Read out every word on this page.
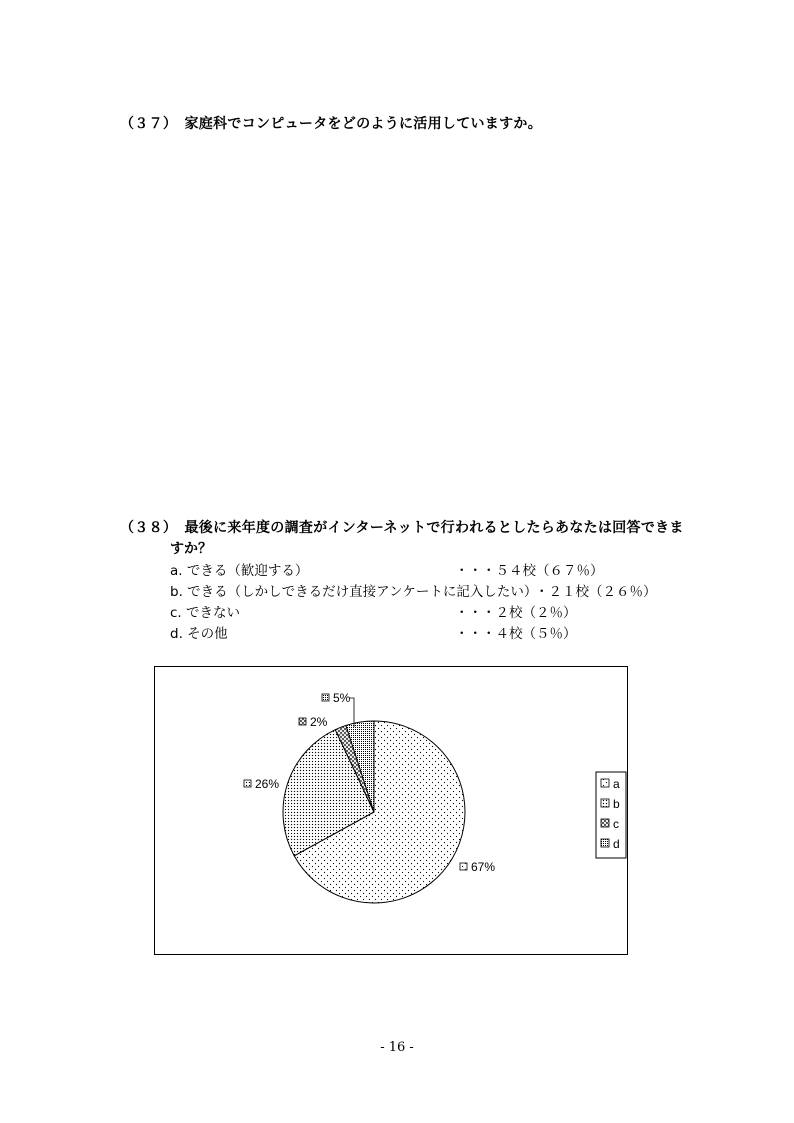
（３７）　家庭科でコンピュータをどのように活用していますか。
（３８）　最後に来年度の調査がインターネットで行われるとしたらあなたは回答できま
すか？
a. できる（歓迎する）	・・・５４校（６７％）
b. できる（しかしできるだけ直接アンケートに記入したい）
・２１校（２６％）
c. できない	・・・２校（２％）
d. その他	・・・４校（５％）
67%
26%
2%
5%
a
b
c
d
- 16 -
